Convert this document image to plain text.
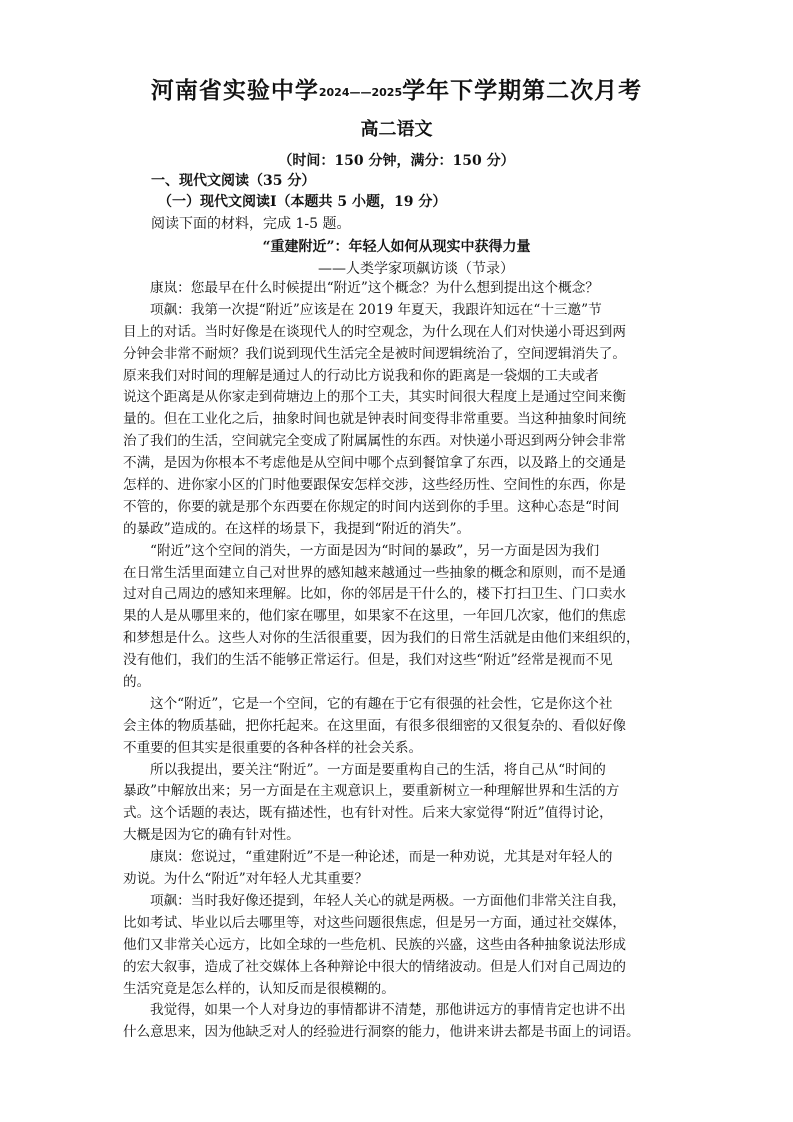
河南省实验中学2024——2025学年下学期第二次月考
高二语文
（时间：150 分钟，满分：150 分）
一、现代文阅读（35 分）
（一）现代文阅读Ⅰ（本题共 5 小题，19 分）
阅读下面的材料，完成 1-5 题。
“重建附近”：年轻人如何从现实中获得力量
——人类学家项飙访谈（节录）
康岚：您最早在什么时候提出“附近”这个概念？为什么想到提出这个概念？
项飙：我第一次提“附近”应该是在 2019 年夏天，我跟许知远在“十三邀”节
目上的对话。当时好像是在谈现代人的时空观念，为什么现在人们对快递小哥迟到两
分钟会非常不耐烦？我们说到现代生活完全是被时间逻辑统治了，空间逻辑消失了。
原来我们对时间的理解是通过人的行动比方说我和你的距离是一袋烟的工夫或者
说这个距离是从你家走到荷塘边上的那个工夫，其实时间很大程度上是通过空间来衡
量的。但在工业化之后，抽象时间也就是钟表时间变得非常重要。当这种抽象时间统
治了我们的生活，空间就完全变成了附属属性的东西。对快递小哥迟到两分钟会非常
不满，是因为你根本不考虑他是从空间中哪个点到餐馆拿了东西，以及路上的交通是
怎样的、进你家小区的门时他要跟保安怎样交涉，这些经历性、空间性的东西，你是
不管的，你要的就是那个东西要在你规定的时间内送到你的手里。这种心态是“时间
的暴政”造成的。在这样的场景下，我提到“附近的消失”。
“附近”这个空间的消失，一方面是因为“时间的暴政”，另一方面是因为我们
在日常生活里面建立自己对世界的感知越来越通过一些抽象的概念和原则，而不是通
过对自己周边的感知来理解。比如，你的邻居是干什么的，楼下打扫卫生、门口卖水
果的人是从哪里来的，他们家在哪里，如果家不在这里，一年回几次家，他们的焦虑
和梦想是什么。这些人对你的生活很重要，因为我们的日常生活就是由他们来组织的，
没有他们，我们的生活不能够正常运行。但是，我们对这些“附近”经常是视而不见
的。
这个“附近”，它是一个空间，它的有趣在于它有很强的社会性，它是你这个社
会主体的物质基础，把你托起来。在这里面，有很多很细密的又很复杂的、看似好像
不重要的但其实是很重要的各种各样的社会关系。
所以我提出，要关注“附近”。一方面是要重构自己的生活，将自己从“时间的
暴政”中解放出来；另一方面是在主观意识上，要重新树立一种理解世界和生活的方
式。这个话题的表达，既有描述性，也有针对性。后来大家觉得“附近”值得讨论，
大概是因为它的确有针对性。
康岚：您说过，“重建附近”不是一种论述，而是一种劝说，尤其是对年轻人的
劝说。为什么“附近”对年轻人尤其重要？
项飙：当时我好像还提到，年轻人关心的就是两极。一方面他们非常关注自我，
比如考试、毕业以后去哪里等，对这些问题很焦虑，但是另一方面，通过社交媒体，
他们又非常关心远方，比如全球的一些危机、民族的兴盛，这些由各种抽象说法形成
的宏大叙事，造成了社交媒体上各种辩论中很大的情绪波动。但是人们对自己周边的
生活究竟是怎么样的，认知反而是很模糊的。
我觉得，如果一个人对身边的事情都讲不清楚，那他讲远方的事情肯定也讲不出
什么意思来，因为他缺乏对人的经验进行洞察的能力，他讲来讲去都是书面上的词语。
